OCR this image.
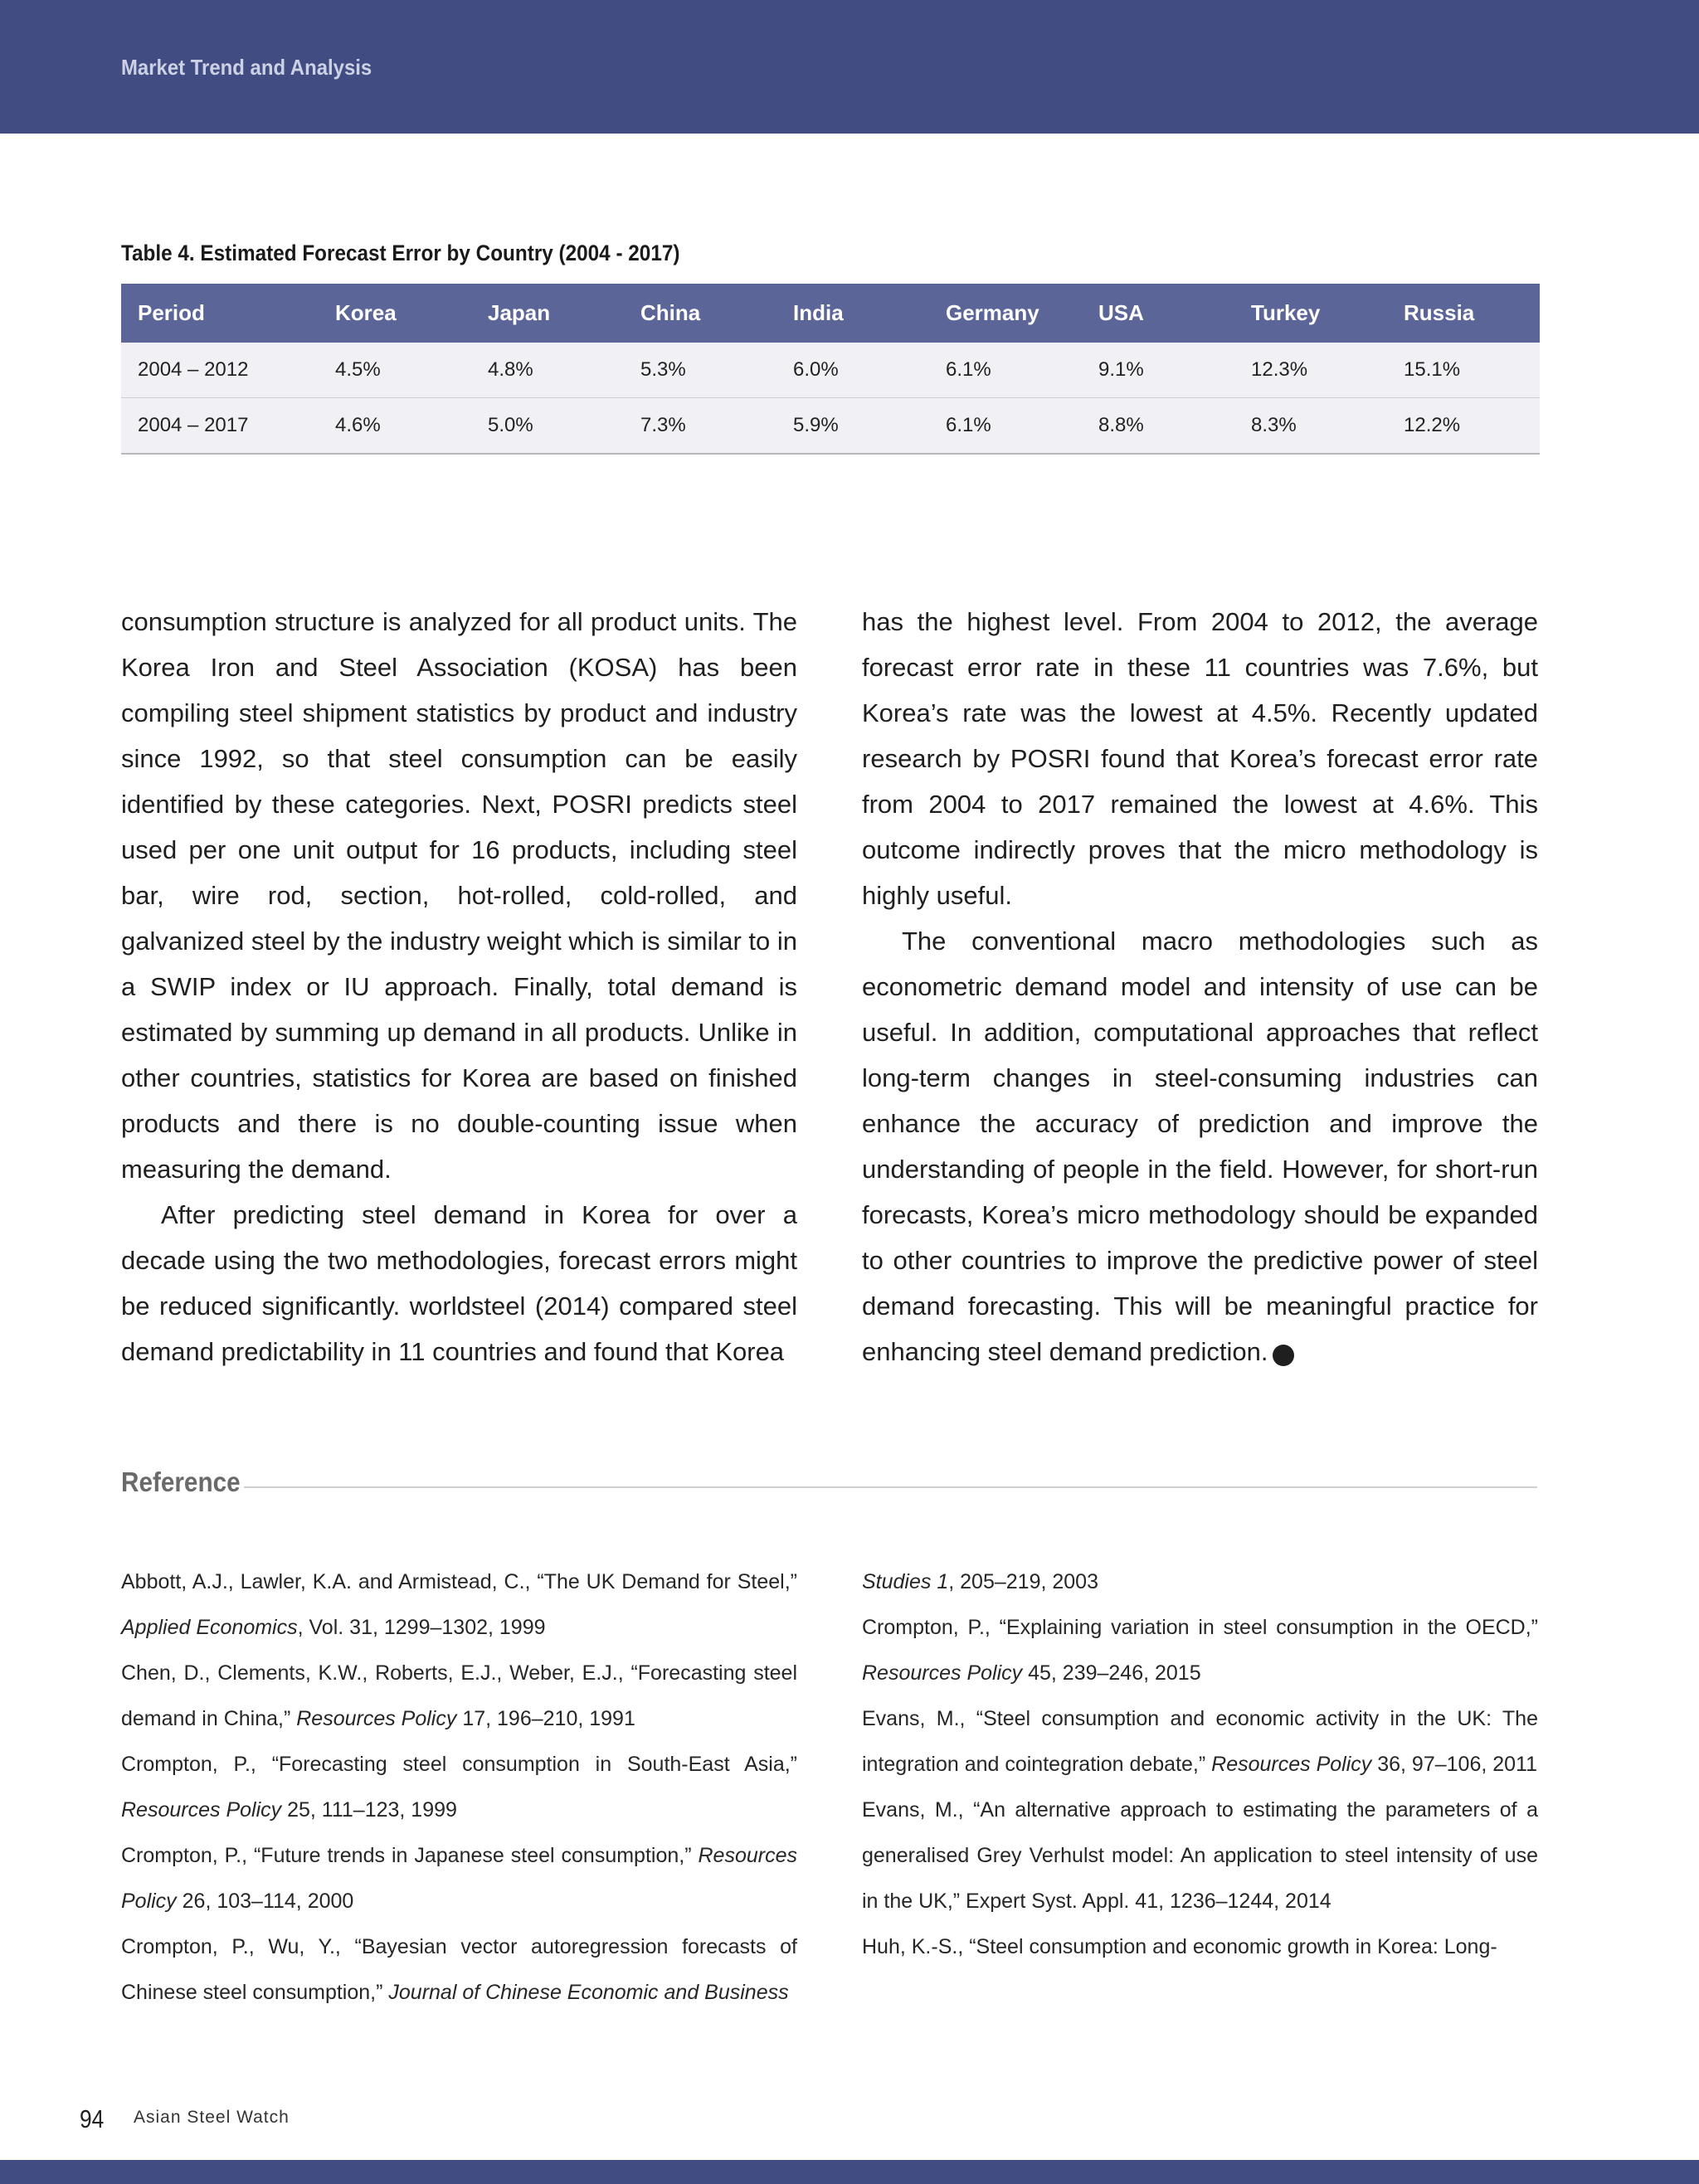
Market Trend and Analysis
Table 4. Estimated Forecast Error by Country (2004 - 2017)
Period	Korea	Japan	China	India	Germany	USA	Turkey	Russia
2004 – 2012	4.5%	4.8%	5.3%	6.0%	6.1%	9.1%	12.3%	15.1%
2004 – 2017	4.6%	5.0%	7.3%	5.9%	6.1%	8.8%	8.3%	12.2%

consumption structure is analyzed for all product units. The Korea Iron and Steel Association (KOSA) has been compiling steel shipment statistics by product and industry since 1992, so that steel consumption can be easily identified by these categories. Next, POSRI predicts steel used per one unit output for 16 products, including steel bar, wire rod, section, hot-rolled, cold-rolled, and galvanized steel by the industry weight which is similar to in a SWIP index or IU approach. Finally, total demand is estimated by summing up demand in all products. Unlike in other countries, statistics for Korea are based on finished products and there is no double-counting issue when measuring the demand.

After predicting steel demand in Korea for over a decade using the two methodologies, forecast errors might be reduced significantly. worldsteel (2014) compared steel demand predictability in 11 countries and found that Korea

has the highest level. From 2004 to 2012, the average forecast error rate in these 11 countries was 7.6%, but Korea’s rate was the lowest at 4.5%. Recently updated research by POSRI found that Korea’s forecast error rate from 2004 to 2017 remained the lowest at 4.6%. This outcome indirectly proves that the micro methodology is highly useful.

The conventional macro methodologies such as econometric demand model and intensity of use can be useful. In addition, computational approaches that reflect long-term changes in steel-consuming industries can enhance the accuracy of prediction and improve the understanding of people in the field. However, for short-run forecasts, Korea’s micro methodology should be expanded to other countries to improve the predictive power of steel demand forecasting. This will be meaningful practice for enhancing steel demand prediction.	A

Reference

Abbott, A.J., Lawler, K.A. and Armistead, C., “The UK Demand for Steel,” Applied Economics, Vol. 31, 1299–1302, 1999

Chen, D., Clements, K.W., Roberts, E.J., Weber, E.J., “Forecasting steel demand in China,” Resources Policy 17, 196–210, 1991

Crompton, P., “Forecasting steel consumption in South-East Asia,” Resources Policy 25, 111–123, 1999

Crompton, P., “Future trends in Japanese steel consumption,” Resources Policy 26, 103–114, 2000

Crompton, P., Wu, Y., “Bayesian vector autoregression forecasts of Chinese steel consumption,” Journal of Chinese Economic and Business

Studies 1, 205–219, 2003

Crompton, P., “Explaining variation in steel consumption in the OECD,” Resources Policy 45, 239–246, 2015

Evans, M., “Steel consumption and economic activity in the UK: The integration and cointegration debate,” Resources Policy 36, 97–106, 2011

Evans, M., “An alternative approach to estimating the parameters of a generalised Grey Verhulst model: An application to steel intensity of use in the UK,” Expert Syst. Appl. 41, 1236–1244, 2014

Huh, K.-S., “Steel consumption and economic growth in Korea: Long-

94 Asian Steel Watch
